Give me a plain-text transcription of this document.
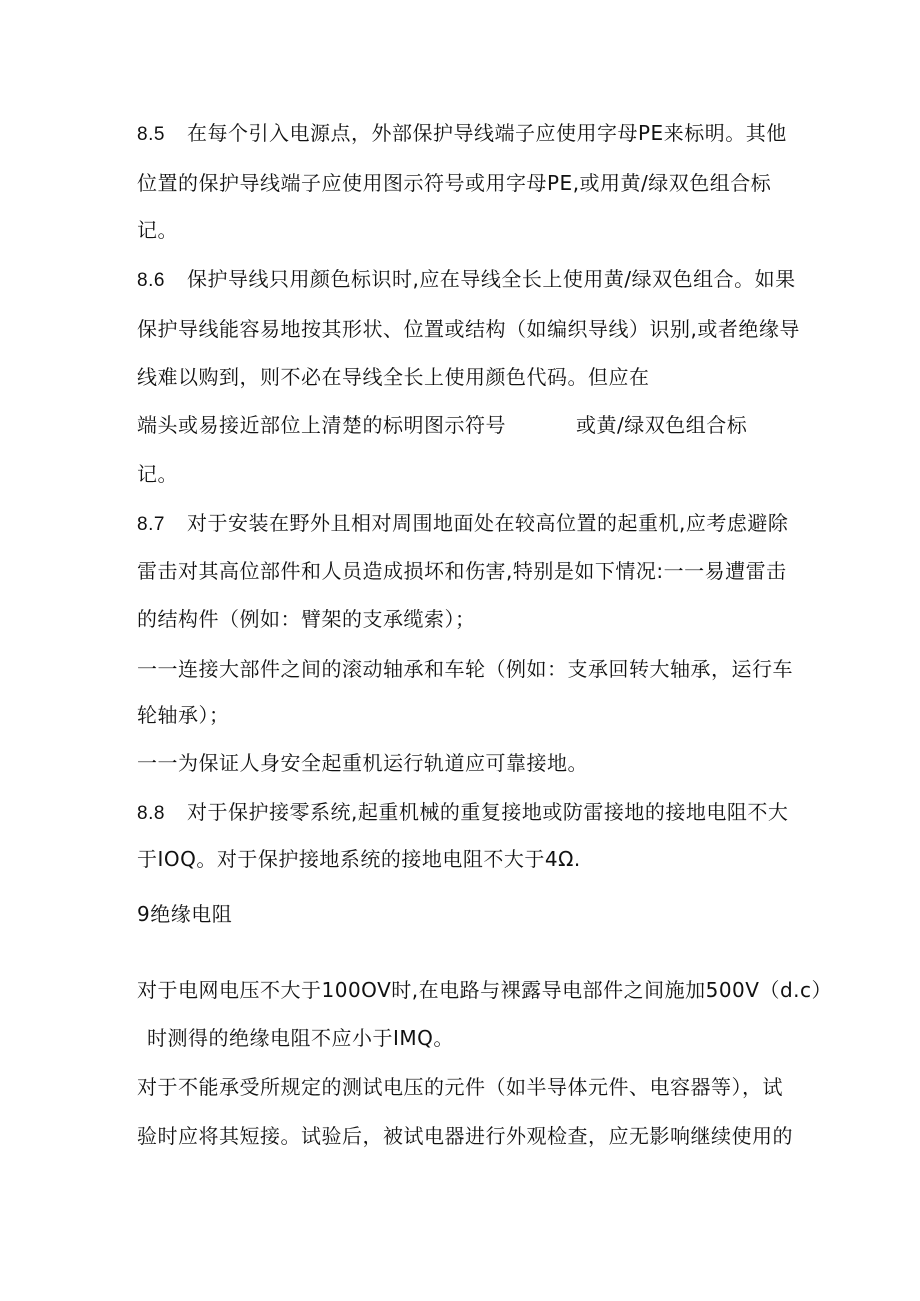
8.5 在每个引入电源点，外部保护导线端子应使用字母PE来标明。其他
位置的保护导线端子应使用图示符号或用字母PE,或用黄/绿双色组合标
记。
8.6 保护导线只用颜色标识时,应在导线全长上使用黄/绿双色组合。如果
保护导线能容易地按其形状、位置或结构（如编织导线）识别,或者绝缘导
线难以购到，则不必在导线全长上使用颜色代码。但应在
端头或易接近部位上清楚的标明图示符号	或黄/绿双色组合标
记。
8.7 对于安装在野外且相对周围地面处在较高位置的起重机,应考虑避除
雷击对其高位部件和人员造成损坏和伤害,特别是如下情况:一一易遭雷击
的结构件（例如：臂架的支承缆索）；
一一连接大部件之间的滚动轴承和车轮（例如：支承回转大轴承，运行车
轮轴承）；
一一为保证人身安全起重机运行轨道应可靠接地。
8.8 对于保护接零系统,起重机械的重复接地或防雷接地的接地电阻不大
于IOQ。对于保护接地系统的接地电阻不大于4Ω.
9绝缘电阻
对于电网电压不大于100OV时,在电路与裸露导电部件之间施加500V（d.c）
时测得的绝缘电阻不应小于IMQ。
对于不能承受所规定的测试电压的元件（如半导体元件、电容器等），试
验时应将其短接。试验后，被试电器进行外观检查，应无影响继续使用的
